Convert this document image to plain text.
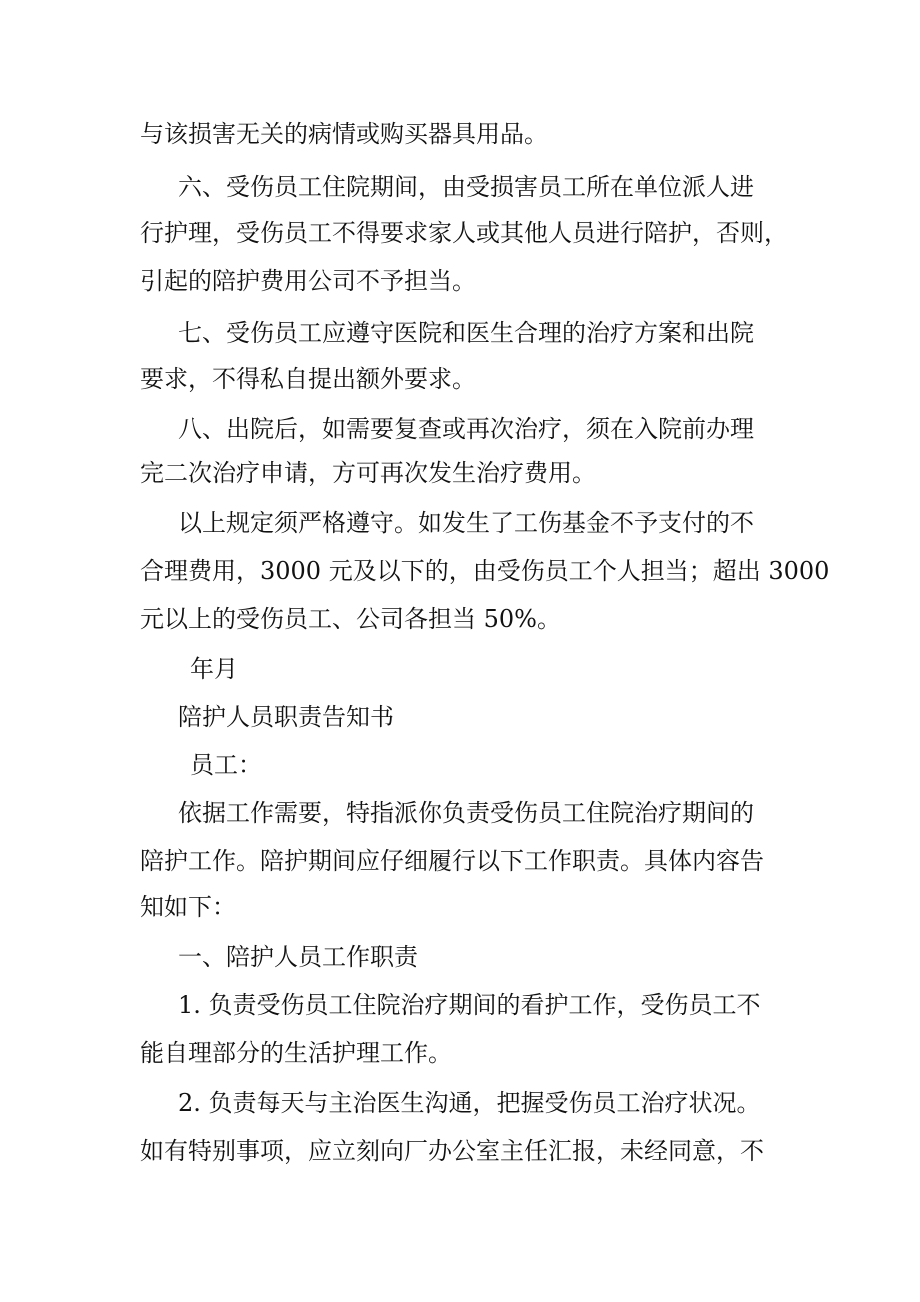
与该损害无关的病情或购买器具用品。

六、受伤员工住院期间，由受损害员工所在单位派人进

行护理，受伤员工不得要求家人或其他人员进行陪护，否则，

引起的陪护费用公司不予担当。

七、受伤员工应遵守医院和医生合理的治疗方案和出院

要求，不得私自提出额外要求。

八、出院后，如需要复查或再次治疗，须在入院前办理

完二次治疗申请，方可再次发生治疗费用。

以上规定须严格遵守。如发生了工伤基金不予支付的不

合理费用，3000 元及以下的，由受伤员工个人担当；超出 3000

元以上的受伤员工、公司各担当 50%。

年月

陪护人员职责告知书

员工：

依据工作需要，特指派你负责受伤员工住院治疗期间的

陪护工作。陪护期间应仔细履行以下工作职责。具体内容告

知如下：

一、陪护人员工作职责

1. 负责受伤员工住院治疗期间的看护工作，受伤员工不

能自理部分的生活护理工作。

2. 负责每天与主治医生沟通，把握受伤员工治疗状况。

如有特别事项，应立刻向厂办公室主任汇报，未经同意，不
